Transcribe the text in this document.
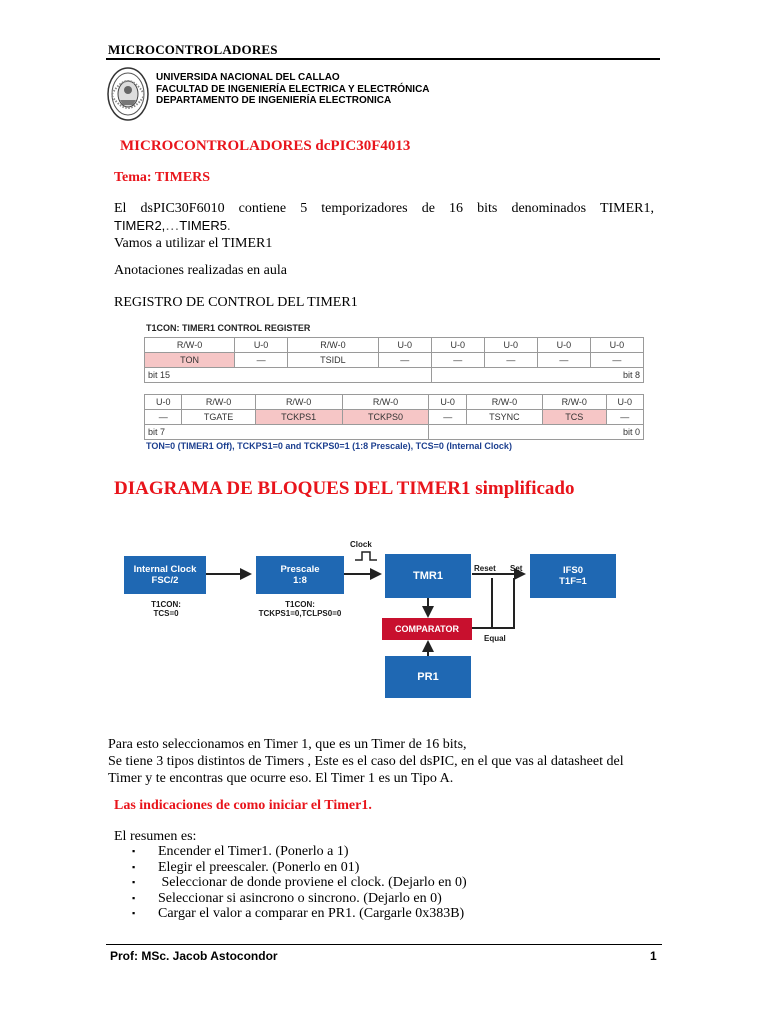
MICROCONTROLADORES
UNIVERSIDA NACIONAL DEL CALLAO
FACULTAD DE INGENIERÍA ELECTRICA Y ELECTRÓNICA
DEPARTAMENTO DE INGENIERÍA ELECTRONICA
MICROCONTROLADORES dcPIC30F4013
Tema: TIMERS
El dsPIC30F6010 contiene 5 temporizadores de 16 bits denominados TIMER1,
TIMER2,…TIMER5.
Vamos a utilizar el TIMER1
Anotaciones realizadas en aula
REGISTRO DE CONTROL DEL TIMER1
T1CON: TIMER1 CONTROL REGISTER
R/W-0	U-0	R/W-0	U-0	U-0	U-0	U-0	U-0
TON	—	TSIDL	—	—	—	—	—
bit 15				bit 8			
U-0	R/W-0	R/W-0	R/W-0	U-0	R/W-0	R/W-0	U-0
—	TGATE	TCKPS1	TCKPS0	—	TSYNC	TCS	—
bit 7				bit 0			
TON=0 (TIMER1 Off), TCKPS1=0 and TCKPS0=1 (1:8 Prescale), TCS=0 (Internal Clock)
DIAGRAMA DE BLOQUES DEL TIMER1 simplificado
Internal Clock
FSC/2
Prescale
1:8	TMR1	IFS0
T1F=1
COMPARATOR
PR1
Clock
Reset Set
Equal
T1CON:
TCS=0
T1CON:
TCKPS1=0,TCLPS0=0
Para esto seleccionamos en Timer 1, que es un Timer de 16 bits,
Se tiene 3 tipos distintos de Timers , Este es el caso del dsPIC, en el que vas al datasheet del
Timer y te encontras que ocurre eso. El Timer 1 es un Tipo A.
Las indicaciones de como iniciar el Timer1.
El resumen es:
▪	Encender el Timer1. (Ponerlo a 1)
▪	Elegir el preescaler. (Ponerlo en 01)
▪	Seleccionar de donde proviene el clock. (Dejarlo en 0)
▪	Seleccionar si asincrono o sincrono. (Dejarlo en 0)
▪	Cargar el valor a comparar en PR1. (Cargarle 0x383B)
Prof: MSc. Jacob Astocondor	1
